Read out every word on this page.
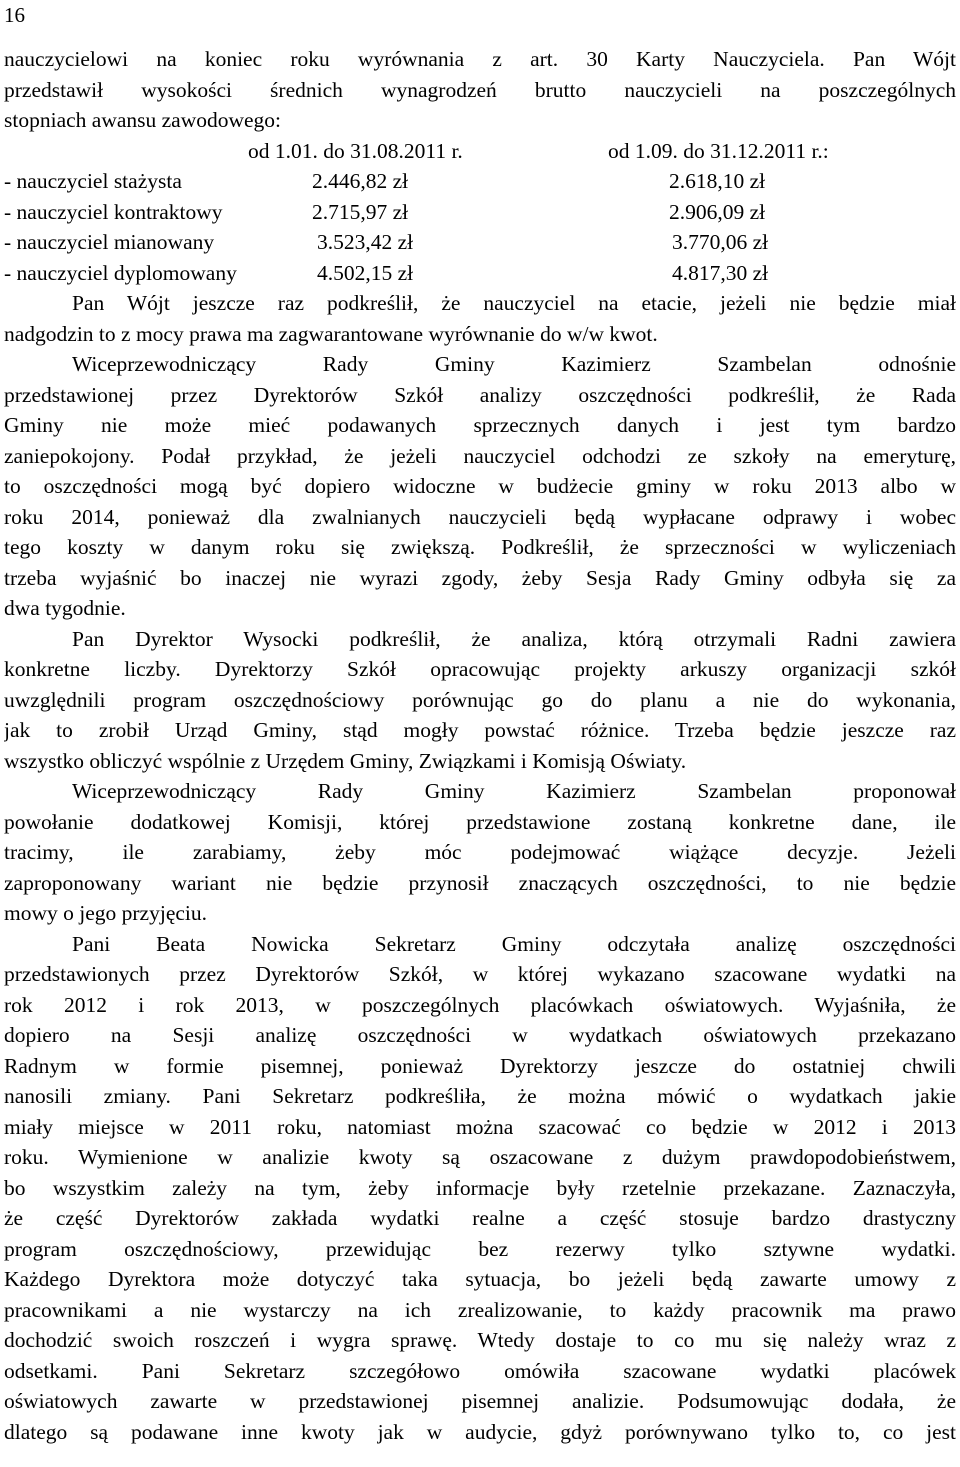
16
nauczycielowi na koniec roku wyrównania z art. 30 Karty Nauczyciela. Pan Wójt
przedstawił wysokości średnich wynagrodzeń brutto nauczycieli na poszczególnych
stopniach awansu zawodowego:
od 1.01. do 31.08.2011 r.	od 1.09. do 31.12.2011 r.:
- nauczyciel stażysta	2.446,82 zł	2.618,10 zł
- nauczyciel kontraktowy	2.715,97 zł	2.906,09 zł
- nauczyciel mianowany	3.523,42 zł	3.770,06 zł
- nauczyciel dyplomowany	4.502,15 zł	4.817,30 zł
Pan Wójt jeszcze raz podkreślił, że nauczyciel na etacie, jeżeli nie będzie miał
nadgodzin to z mocy prawa ma zagwarantowane wyrównanie do w/w kwot.
Wiceprzewodniczący Rady Gminy Kazimierz Szambelan odnośnie
przedstawionej przez Dyrektorów Szkół analizy oszczędności podkreślił, że Rada
Gminy nie może mieć podawanych sprzecznych danych i jest tym bardzo
zaniepokojony. Podał przykład, że jeżeli nauczyciel odchodzi ze szkoły na emeryturę,
to oszczędności mogą być dopiero widoczne w budżecie gminy w roku 2013 albo w
roku 2014, ponieważ dla zwalnianych nauczycieli będą wypłacane odprawy i wobec
tego koszty w danym roku się zwiększą. Podkreślił, że sprzeczności w wyliczeniach
trzeba wyjaśnić bo inaczej nie wyrazi zgody, żeby Sesja Rady Gminy odbyła się za
dwa tygodnie.
Pan Dyrektor Wysocki podkreślił, że analiza, którą otrzymali Radni zawiera
konkretne liczby. Dyrektorzy Szkół opracowując projekty arkuszy organizacji szkół
uwzględnili program oszczędnościowy porównując go do planu a nie do wykonania,
jak to zrobił Urząd Gminy, stąd mogły powstać różnice. Trzeba będzie jeszcze raz
wszystko obliczyć wspólnie z Urzędem Gminy, Związkami i Komisją Oświaty.
Wiceprzewodniczący Rady Gminy Kazimierz Szambelan proponował
powołanie dodatkowej Komisji, której przedstawione zostaną konkretne dane, ile
tracimy, ile zarabiamy, żeby móc podejmować wiążące decyzje. Jeżeli
zaproponowany wariant nie będzie przynosił znaczących oszczędności, to nie będzie
mowy o jego przyjęciu.
Pani Beata Nowicka Sekretarz Gminy odczytała analizę oszczędności
przedstawionych przez Dyrektorów Szkół, w której wykazano szacowane wydatki na
rok 2012 i rok 2013, w poszczególnych placówkach oświatowych. Wyjaśniła, że
dopiero na Sesji analizę oszczędności w wydatkach oświatowych przekazano
Radnym w formie pisemnej, ponieważ Dyrektorzy jeszcze do ostatniej chwili
nanosili zmiany. Pani Sekretarz podkreśliła, że można mówić o wydatkach jakie
miały miejsce w 2011 roku, natomiast można szacować co będzie w 2012 i 2013
roku. Wymienione w analizie kwoty są oszacowane z dużym prawdopodobieństwem,
bo wszystkim zależy na tym, żeby informacje były rzetelnie przekazane. Zaznaczyła,
że część Dyrektorów zakłada wydatki realne a część stosuje bardzo drastyczny
program oszczędnościowy, przewidując bez rezerwy tylko sztywne wydatki.
Każdego Dyrektora może dotyczyć taka sytuacja, bo jeżeli będą zawarte umowy z
pracownikami a nie wystarczy na ich zrealizowanie, to każdy pracownik ma prawo
dochodzić swoich roszczeń i wygra sprawę. Wtedy dostaje to co mu się należy wraz z
odsetkami. Pani Sekretarz szczegółowo omówiła szacowane wydatki placówek
oświatowych zawarte w przedstawionej pisemnej analizie. Podsumowując dodała, że
dlatego są podawane inne kwoty jak w audycie, gdyż porównywano tylko to, co jest
